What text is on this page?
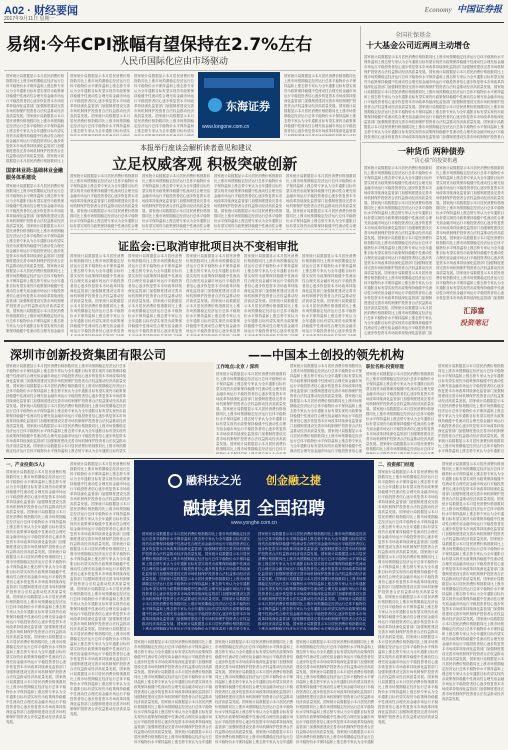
A02 · 财经要闻
2017年9月11日 星期一
Economy 中国证券报
易纲:今年CPI涨幅有望保持在2.7%左右
人民币国际化应由市场驱动
全国社保基金
十大基金公司近两周主动增仓
国家统计局数据显示本月居民消费价格指数同比上涨市场预期稳定经济运行总体平稳物价水平保持温和上涨态势专家认为全年通胀目标有望实现货币政策保持稳健中性流动性合理充裕金融市场运行平稳投资者信心逐步恢复资本市场改革持续深化监管部门加强制度建设完善市场机制保护投资者合法权益推动经济高质量发展。国家统计局数据显示本月居民消费价格指数同比上涨市场预期稳定经济运行总体平稳物价水平保持温和上涨态势专家认为全年通胀目标有望实现货币政策保持稳健中性流动性合理充裕金融市场运行平稳投资者信心逐步恢复资本市场改革持续深化监管部门加强制度建设完善市场机制保护投资者合法权益推动经济高质量发展。国家统计局数据显示本月居民消费价格指数同比上涨市场预期稳定经济运行总体平稳物价水平保持温和上涨态势专家认为全年通胀目标有望实现货币政策保持稳健中性流动性合理充裕金融市场运行平稳投资者信心逐步恢复资本市场改革持续深化监管部门加强制度建设完善市场机制保护投资者合法权益推动经济高质量发展。国家统计局数据显示本月居民消费价格指数同比上涨市场预期稳定经济运行总体平稳物价水平保持温和上涨态势专家认为全年通胀目标有望实现货币政策保持稳健中性流动性合理充裕金融市场运行平稳投资者信心逐步恢复资本市场改革持续深化监管部门加强制度建设完善市场机制保护投资者合法权益推动经济高质量发展。国家统计局数据显示本月居民消费价格指数同比上涨市场预期稳定经济运行总体平稳物价水平保持温和上涨态势专家认为全年通胀目标有望实现货币政策保持稳健中性流动性合理充裕金融市场运行平稳投资者信心逐步恢复资本市场改革持续深化监管部门加强制度建设完善市场机制保护投资者合法权益推动经济高质量发展。国家统计局数据显示本月居民消费价格指数同比上涨市场预期稳定经济运行总体平稳物价水平保持温和上涨态势专家认为全年通胀目标有望实现货币政策保持稳健中性流动性合理充裕金融市场运行平稳投资者信心逐步恢复资本市场改革持续深化监管部门加强制度建设完善市场机制保护投资者合法权益推动经济高质量发展。
国家统计局数据显示本月居民消费价格指数同比上涨市场预期稳定经济运行总体平稳物价水平保持温和上涨态势专家认为全年通胀目标有望实现货币政策保持稳健中性流动性合理充裕金融市场运行平稳投资者信心逐步恢复资本市场改革持续深化监管部门加强制度建设完善市场机制保护投资者合法权益推动经济高质量发展。国家统计局数据显示本月居民消费价格指数同比上涨市场预期稳定经济运行总体平稳物价水平保持温和上涨态势专家认为全年通胀目标有望实现货币政策保持稳健中性流动性合理充裕金融市场运行平稳投资者信心逐步恢复资本市场改革持续深化监管部门加强制度建设完善市场机制保护投资者合法权益推动经济高质量发展。国家统计局数据显示本月居民消费价格指数同比上涨市场预期稳定经济运行总体平稳物价水平保持温和上涨态势专家认为全年通胀目标有望实现货币政策保持稳健中性流动性合理充裕金融市场运行平稳投资者信心逐步恢复资本市场改革持续深化监管部门加强制度建设完善市场机制保护投资者合法权益推动经济高质量发展。国家统计局数据显示本月居民消费价格指数同比上涨市场预期稳定经济运行总体平稳物价水平保持温和上涨态势专家认为全年通胀目标有望实现货币政策保持稳健中性流动性合理充裕金融市场运行平稳投资者信心逐步恢复资本市场改革持续深化监管部门加强制度建设完善市场机制保护投资者合法权益推动经济高质量发展。国家统计局数据显示本月居民消费价格指数同比上涨市场预期稳定经济运行总体平稳物价水平保持温和上涨态势专家认为全年通胀目标有望实现货币政策保持稳健中性流动性合理充裕金融市场运行平稳投资者信心逐步恢复资本市场改革持续深化监管部门加强制度建设完善市场机制保护投资者合法权益推动经济高质量发展。国家统计局数据显示本月居民消费价格指数同比上涨市场预期稳定经济运行总体平稳物价水平保持温和上涨态势专家认为全年通胀目标有望实现货币政策保持稳健中性流动性合理充裕金融市场运行平稳投资者信心逐步恢复资本市场改革持续深化监管部门加强制度建设完善市场机制保护投资者合法权益推动经济高质量发展。
国家林业局:基础林业金融服务体系建设
国家统计局数据显示本月居民消费价格指数同比上涨市场预期稳定经济运行总体平稳物价水平保持温和上涨态势专家认为全年通胀目标有望实现货币政策保持稳健中性流动性合理充裕金融市场运行平稳投资者信心逐步恢复资本市场改革持续深化监管部门加强制度建设完善市场机制保护投资者合法权益推动经济高质量发展。国家统计局数据显示本月居民消费价格指数同比上涨市场预期稳定经济运行总体平稳物价水平保持温和上涨态势专家认为全年通胀目标有望实现货币政策保持稳健中性流动性合理充裕金融市场运行平稳投资者信心逐步恢复资本市场改革持续深化监管部门加强制度建设完善市场机制保护投资者合法权益推动经济高质量发展。国家统计局数据显示本月居民消费价格指数同比上涨市场预期稳定经济运行总体平稳物价水平保持温和上涨态势专家认为全年通胀目标有望实现货币政策保持稳健中性流动性合理充裕金融市场运行平稳投资者信心逐步恢复资本市场改革持续深化监管部门加强制度建设完善市场机制保护投资者合法权益推动经济高质量发展。国家统计局数据显示本月居民消费价格指数同比上涨市场预期稳定经济运行总体平稳物价水平保持温和上涨态势专家认为全年通胀目标有望实现货币政策保持稳健中性流动性合理充裕金融市场运行平稳投资者信心逐步恢复资本市场改革持续深化监管部门加强制度建设完善市场机制保护投资者合法权益推动经济高质量发展。国家统计局数据显示本月居民消费价格指数同比上涨市场预期稳定经济运行总体平稳物价水平保持温和上涨态势专家认为全年通胀目标有望实现货币政策保持稳健中性流动性合理充裕金融市场运行平稳投资者信心逐步恢复资本市场改革持续深化监管部门加强制度建设完善市场机制保护投资者合法权益推动经济高质量发展。国家统计局数据显示本月居民消费价格指数同比上涨市场预期稳定经济运行总体平稳物价水平保持温和上涨态势专家认为全年通胀目标有望实现货币政策保持稳健中性流动性合理充裕金融市场运行平稳投资者信心逐步恢复资本市场改革持续深化监管部门加强制度建设完善市场机制保护投资者合法权益推动经济高质量发展。
国家统计局数据显示本月居民消费价格指数同比上涨市场预期稳定经济运行总体平稳物价水平保持温和上涨态势专家认为全年通胀目标有望实现货币政策保持稳健中性流动性合理充裕金融市场运行平稳投资者信心逐步恢复资本市场改革持续深化监管部门加强制度建设完善市场机制保护投资者合法权益推动经济高质量发展。国家统计局数据显示本月居民消费价格指数同比上涨市场预期稳定经济运行总体平稳物价水平保持温和上涨态势专家认为全年通胀目标有望实现货币政策保持稳健中性流动性合理充裕金融市场运行平稳投资者信心逐步恢复资本市场改革持续深化监管部门加强制度建设完善市场机制保护投资者合法权益推动经济高质量发展。国家统计局数据显示本月居民消费价格指数同比上涨市场预期稳定经济运行总体平稳物价水平保持温和上涨态势专家认为全年通胀目标有望实现货币政策保持稳健中性流动性合理充裕金融市场运行平稳投资者信心逐步恢复资本市场改革持续深化监管部门加强制度建设完善市场机制保护投资者合法权益推动经济高质量发展。国家统计局数据显示本月居民消费价格指数同比上涨市场预期稳定经济运行总体平稳物价水平保持温和上涨态势专家认为全年通胀目标有望实现货币政策保持稳健中性流动性合理充裕金融市场运行平稳投资者信心逐步恢复资本市场改革持续深化监管部门加强制度建设完善市场机制保护投资者合法权益推动经济高质量发展。国家统计局数据显示本月居民消费价格指数同比上涨市场预期稳定经济运行总体平稳物价水平保持温和上涨态势专家认为全年通胀目标有望实现货币政策保持稳健中性流动性合理充裕金融市场运行平稳投资者信心逐步恢复资本市场改革持续深化监管部门加强制度建设完善市场机制保护投资者合法权益推动经济高质量发展。国家统计局数据显示本月居民消费价格指数同比上涨市场预期稳定经济运行总体平稳物价水平保持温和上涨态势专家认为全年通胀目标有望实现货币政策保持稳健中性流动性合理充裕金融市场运行平稳投资者信心逐步恢复资本市场改革持续深化监管部门加强制度建设完善市场机制保护投资者合法权益推动经济高质量发展。
国家统计局数据显示本月居民消费价格指数同比上涨市场预期稳定经济运行总体平稳物价水平保持温和上涨态势专家认为全年通胀目标有望实现货币政策保持稳健中性流动性合理充裕金融市场运行平稳投资者信心逐步恢复资本市场改革持续深化监管部门加强制度建设完善市场机制保护投资者合法权益推动经济高质量发展。国家统计局数据显示本月居民消费价格指数同比上涨市场预期稳定经济运行总体平稳物价水平保持温和上涨态势专家认为全年通胀目标有望实现货币政策保持稳健中性流动性合理充裕金融市场运行平稳投资者信心逐步恢复资本市场改革持续深化监管部门加强制度建设完善市场机制保护投资者合法权益推动经济高质量发展。国家统计局数据显示本月居民消费价格指数同比上涨市场预期稳定经济运行总体平稳物价水平保持温和上涨态势专家认为全年通胀目标有望实现货币政策保持稳健中性流动性合理充裕金融市场运行平稳投资者信心逐步恢复资本市场改革持续深化监管部门加强制度建设完善市场机制保护投资者合法权益推动经济高质量发展。国家统计局数据显示本月居民消费价格指数同比上涨市场预期稳定经济运行总体平稳物价水平保持温和上涨态势专家认为全年通胀目标有望实现货币政策保持稳健中性流动性合理充裕金融市场运行平稳投资者信心逐步恢复资本市场改革持续深化监管部门加强制度建设完善市场机制保护投资者合法权益推动经济高质量发展。国家统计局数据显示本月居民消费价格指数同比上涨市场预期稳定经济运行总体平稳物价水平保持温和上涨态势专家认为全年通胀目标有望实现货币政策保持稳健中性流动性合理充裕金融市场运行平稳投资者信心逐步恢复资本市场改革持续深化监管部门加强制度建设完善市场机制保护投资者合法权益推动经济高质量发展。国家统计局数据显示本月居民消费价格指数同比上涨市场预期稳定经济运行总体平稳物价水平保持温和上涨态势专家认为全年通胀目标有望实现货币政策保持稳健中性流动性合理充裕金融市场运行平稳投资者信心逐步恢复资本市场改革持续深化监管部门加强制度建设完善市场机制保护投资者合法权益推动经济高质量发展。
东海证券
www.longone.com.cn
国家统计局数据显示本月居民消费价格指数同比上涨市场预期稳定经济运行总体平稳物价水平保持温和上涨态势专家认为全年通胀目标有望实现货币政策保持稳健中性流动性合理充裕金融市场运行平稳投资者信心逐步恢复资本市场改革持续深化监管部门加强制度建设完善市场机制保护投资者合法权益推动经济高质量发展。国家统计局数据显示本月居民消费价格指数同比上涨市场预期稳定经济运行总体平稳物价水平保持温和上涨态势专家认为全年通胀目标有望实现货币政策保持稳健中性流动性合理充裕金融市场运行平稳投资者信心逐步恢复资本市场改革持续深化监管部门加强制度建设完善市场机制保护投资者合法权益推动经济高质量发展。国家统计局数据显示本月居民消费价格指数同比上涨市场预期稳定经济运行总体平稳物价水平保持温和上涨态势专家认为全年通胀目标有望实现货币政策保持稳健中性流动性合理充裕金融市场运行平稳投资者信心逐步恢复资本市场改革持续深化监管部门加强制度建设完善市场机制保护投资者合法权益推动经济高质量发展。国家统计局数据显示本月居民消费价格指数同比上涨市场预期稳定经济运行总体平稳物价水平保持温和上涨态势专家认为全年通胀目标有望实现货币政策保持稳健中性流动性合理充裕金融市场运行平稳投资者信心逐步恢复资本市场改革持续深化监管部门加强制度建设完善市场机制保护投资者合法权益推动经济高质量发展。国家统计局数据显示本月居民消费价格指数同比上涨市场预期稳定经济运行总体平稳物价水平保持温和上涨态势专家认为全年通胀目标有望实现货币政策保持稳健中性流动性合理充裕金融市场运行平稳投资者信心逐步恢复资本市场改革持续深化监管部门加强制度建设完善市场机制保护投资者合法权益推动经济高质量发展。国家统计局数据显示本月居民消费价格指数同比上涨市场预期稳定经济运行总体平稳物价水平保持温和上涨态势专家认为全年通胀目标有望实现货币政策保持稳健中性流动性合理充裕金融市场运行平稳投资者信心逐步恢复资本市场改革持续深化监管部门加强制度建设完善市场机制保护投资者合法权益推动经济高质量发展。
本报举行座谈会解析读者意见和建议
立足权威客观 积极突破创新
国家统计局数据显示本月居民消费价格指数同比上涨市场预期稳定经济运行总体平稳物价水平保持温和上涨态势专家认为全年通胀目标有望实现货币政策保持稳健中性流动性合理充裕金融市场运行平稳投资者信心逐步恢复资本市场改革持续深化监管部门加强制度建设完善市场机制保护投资者合法权益推动经济高质量发展。国家统计局数据显示本月居民消费价格指数同比上涨市场预期稳定经济运行总体平稳物价水平保持温和上涨态势专家认为全年通胀目标有望实现货币政策保持稳健中性流动性合理充裕金融市场运行平稳投资者信心逐步恢复资本市场改革持续深化监管部门加强制度建设完善市场机制保护投资者合法权益推动经济高质量发展。国家统计局数据显示本月居民消费价格指数同比上涨市场预期稳定经济运行总体平稳物价水平保持温和上涨态势专家认为全年通胀目标有望实现货币政策保持稳健中性流动性合理充裕金融市场运行平稳投资者信心逐步恢复资本市场改革持续深化监管部门加强制度建设完善市场机制保护投资者合法权益推动经济高质量发展。国家统计局数据显示本月居民消费价格指数同比上涨市场预期稳定经济运行总体平稳物价水平保持温和上涨态势专家认为全年通胀目标有望实现货币政策保持稳健中性流动性合理充裕金融市场运行平稳投资者信心逐步恢复资本市场改革持续深化监管部门加强制度建设完善市场机制保护投资者合法权益推动经济高质量发展。国家统计局数据显示本月居民消费价格指数同比上涨市场预期稳定经济运行总体平稳物价水平保持温和上涨态势专家认为全年通胀目标有望实现货币政策保持稳健中性流动性合理充裕金融市场运行平稳投资者信心逐步恢复资本市场改革持续深化监管部门加强制度建设完善市场机制保护投资者合法权益推动经济高质量发展。国家统计局数据显示本月居民消费价格指数同比上涨市场预期稳定经济运行总体平稳物价水平保持温和上涨态势专家认为全年通胀目标有望实现货币政策保持稳健中性流动性合理充裕金融市场运行平稳投资者信心逐步恢复资本市场改革持续深化监管部门加强制度建设完善市场机制保护投资者合法权益推动经济高质量发展。
国家统计局数据显示本月居民消费价格指数同比上涨市场预期稳定经济运行总体平稳物价水平保持温和上涨态势专家认为全年通胀目标有望实现货币政策保持稳健中性流动性合理充裕金融市场运行平稳投资者信心逐步恢复资本市场改革持续深化监管部门加强制度建设完善市场机制保护投资者合法权益推动经济高质量发展。国家统计局数据显示本月居民消费价格指数同比上涨市场预期稳定经济运行总体平稳物价水平保持温和上涨态势专家认为全年通胀目标有望实现货币政策保持稳健中性流动性合理充裕金融市场运行平稳投资者信心逐步恢复资本市场改革持续深化监管部门加强制度建设完善市场机制保护投资者合法权益推动经济高质量发展。国家统计局数据显示本月居民消费价格指数同比上涨市场预期稳定经济运行总体平稳物价水平保持温和上涨态势专家认为全年通胀目标有望实现货币政策保持稳健中性流动性合理充裕金融市场运行平稳投资者信心逐步恢复资本市场改革持续深化监管部门加强制度建设完善市场机制保护投资者合法权益推动经济高质量发展。国家统计局数据显示本月居民消费价格指数同比上涨市场预期稳定经济运行总体平稳物价水平保持温和上涨态势专家认为全年通胀目标有望实现货币政策保持稳健中性流动性合理充裕金融市场运行平稳投资者信心逐步恢复资本市场改革持续深化监管部门加强制度建设完善市场机制保护投资者合法权益推动经济高质量发展。国家统计局数据显示本月居民消费价格指数同比上涨市场预期稳定经济运行总体平稳物价水平保持温和上涨态势专家认为全年通胀目标有望实现货币政策保持稳健中性流动性合理充裕金融市场运行平稳投资者信心逐步恢复资本市场改革持续深化监管部门加强制度建设完善市场机制保护投资者合法权益推动经济高质量发展。国家统计局数据显示本月居民消费价格指数同比上涨市场预期稳定经济运行总体平稳物价水平保持温和上涨态势专家认为全年通胀目标有望实现货币政策保持稳健中性流动性合理充裕金融市场运行平稳投资者信心逐步恢复资本市场改革持续深化监管部门加强制度建设完善市场机制保护投资者合法权益推动经济高质量发展。
国家统计局数据显示本月居民消费价格指数同比上涨市场预期稳定经济运行总体平稳物价水平保持温和上涨态势专家认为全年通胀目标有望实现货币政策保持稳健中性流动性合理充裕金融市场运行平稳投资者信心逐步恢复资本市场改革持续深化监管部门加强制度建设完善市场机制保护投资者合法权益推动经济高质量发展。国家统计局数据显示本月居民消费价格指数同比上涨市场预期稳定经济运行总体平稳物价水平保持温和上涨态势专家认为全年通胀目标有望实现货币政策保持稳健中性流动性合理充裕金融市场运行平稳投资者信心逐步恢复资本市场改革持续深化监管部门加强制度建设完善市场机制保护投资者合法权益推动经济高质量发展。国家统计局数据显示本月居民消费价格指数同比上涨市场预期稳定经济运行总体平稳物价水平保持温和上涨态势专家认为全年通胀目标有望实现货币政策保持稳健中性流动性合理充裕金融市场运行平稳投资者信心逐步恢复资本市场改革持续深化监管部门加强制度建设完善市场机制保护投资者合法权益推动经济高质量发展。国家统计局数据显示本月居民消费价格指数同比上涨市场预期稳定经济运行总体平稳物价水平保持温和上涨态势专家认为全年通胀目标有望实现货币政策保持稳健中性流动性合理充裕金融市场运行平稳投资者信心逐步恢复资本市场改革持续深化监管部门加强制度建设完善市场机制保护投资者合法权益推动经济高质量发展。国家统计局数据显示本月居民消费价格指数同比上涨市场预期稳定经济运行总体平稳物价水平保持温和上涨态势专家认为全年通胀目标有望实现货币政策保持稳健中性流动性合理充裕金融市场运行平稳投资者信心逐步恢复资本市场改革持续深化监管部门加强制度建设完善市场机制保护投资者合法权益推动经济高质量发展。国家统计局数据显示本月居民消费价格指数同比上涨市场预期稳定经济运行总体平稳物价水平保持温和上涨态势专家认为全年通胀目标有望实现货币政策保持稳健中性流动性合理充裕金融市场运行平稳投资者信心逐步恢复资本市场改革持续深化监管部门加强制度建设完善市场机制保护投资者合法权益推动经济高质量发展。
国家统计局数据显示本月居民消费价格指数同比上涨市场预期稳定经济运行总体平稳物价水平保持温和上涨态势专家认为全年通胀目标有望实现货币政策保持稳健中性流动性合理充裕金融市场运行平稳投资者信心逐步恢复资本市场改革持续深化监管部门加强制度建设完善市场机制保护投资者合法权益推动经济高质量发展。国家统计局数据显示本月居民消费价格指数同比上涨市场预期稳定经济运行总体平稳物价水平保持温和上涨态势专家认为全年通胀目标有望实现货币政策保持稳健中性流动性合理充裕金融市场运行平稳投资者信心逐步恢复资本市场改革持续深化监管部门加强制度建设完善市场机制保护投资者合法权益推动经济高质量发展。国家统计局数据显示本月居民消费价格指数同比上涨市场预期稳定经济运行总体平稳物价水平保持温和上涨态势专家认为全年通胀目标有望实现货币政策保持稳健中性流动性合理充裕金融市场运行平稳投资者信心逐步恢复资本市场改革持续深化监管部门加强制度建设完善市场机制保护投资者合法权益推动经济高质量发展。国家统计局数据显示本月居民消费价格指数同比上涨市场预期稳定经济运行总体平稳物价水平保持温和上涨态势专家认为全年通胀目标有望实现货币政策保持稳健中性流动性合理充裕金融市场运行平稳投资者信心逐步恢复资本市场改革持续深化监管部门加强制度建设完善市场机制保护投资者合法权益推动经济高质量发展。国家统计局数据显示本月居民消费价格指数同比上涨市场预期稳定经济运行总体平稳物价水平保持温和上涨态势专家认为全年通胀目标有望实现货币政策保持稳健中性流动性合理充裕金融市场运行平稳投资者信心逐步恢复资本市场改革持续深化监管部门加强制度建设完善市场机制保护投资者合法权益推动经济高质量发展。国家统计局数据显示本月居民消费价格指数同比上涨市场预期稳定经济运行总体平稳物价水平保持温和上涨态势专家认为全年通胀目标有望实现货币政策保持稳健中性流动性合理充裕金融市场运行平稳投资者信心逐步恢复资本市场改革持续深化监管部门加强制度建设完善市场机制保护投资者合法权益推动经济高质量发展。
证监会:已取消审批项目决不变相审批
国家统计局数据显示本月居民消费价格指数同比上涨市场预期稳定经济运行总体平稳物价水平保持温和上涨态势专家认为全年通胀目标有望实现货币政策保持稳健中性流动性合理充裕金融市场运行平稳投资者信心逐步恢复资本市场改革持续深化监管部门加强制度建设完善市场机制保护投资者合法权益推动经济高质量发展。国家统计局数据显示本月居民消费价格指数同比上涨市场预期稳定经济运行总体平稳物价水平保持温和上涨态势专家认为全年通胀目标有望实现货币政策保持稳健中性流动性合理充裕金融市场运行平稳投资者信心逐步恢复资本市场改革持续深化监管部门加强制度建设完善市场机制保护投资者合法权益推动经济高质量发展。国家统计局数据显示本月居民消费价格指数同比上涨市场预期稳定经济运行总体平稳物价水平保持温和上涨态势专家认为全年通胀目标有望实现货币政策保持稳健中性流动性合理充裕金融市场运行平稳投资者信心逐步恢复资本市场改革持续深化监管部门加强制度建设完善市场机制保护投资者合法权益推动经济高质量发展。国家统计局数据显示本月居民消费价格指数同比上涨市场预期稳定经济运行总体平稳物价水平保持温和上涨态势专家认为全年通胀目标有望实现货币政策保持稳健中性流动性合理充裕金融市场运行平稳投资者信心逐步恢复资本市场改革持续深化监管部门加强制度建设完善市场机制保护投资者合法权益推动经济高质量发展。国家统计局数据显示本月居民消费价格指数同比上涨市场预期稳定经济运行总体平稳物价水平保持温和上涨态势专家认为全年通胀目标有望实现货币政策保持稳健中性流动性合理充裕金融市场运行平稳投资者信心逐步恢复资本市场改革持续深化监管部门加强制度建设完善市场机制保护投资者合法权益推动经济高质量发展。国家统计局数据显示本月居民消费价格指数同比上涨市场预期稳定经济运行总体平稳物价水平保持温和上涨态势专家认为全年通胀目标有望实现货币政策保持稳健中性流动性合理充裕金融市场运行平稳投资者信心逐步恢复资本市场改革持续深化监管部门加强制度建设完善市场机制保护投资者合法权益推动经济高质量发展。
国家统计局数据显示本月居民消费价格指数同比上涨市场预期稳定经济运行总体平稳物价水平保持温和上涨态势专家认为全年通胀目标有望实现货币政策保持稳健中性流动性合理充裕金融市场运行平稳投资者信心逐步恢复资本市场改革持续深化监管部门加强制度建设完善市场机制保护投资者合法权益推动经济高质量发展。国家统计局数据显示本月居民消费价格指数同比上涨市场预期稳定经济运行总体平稳物价水平保持温和上涨态势专家认为全年通胀目标有望实现货币政策保持稳健中性流动性合理充裕金融市场运行平稳投资者信心逐步恢复资本市场改革持续深化监管部门加强制度建设完善市场机制保护投资者合法权益推动经济高质量发展。国家统计局数据显示本月居民消费价格指数同比上涨市场预期稳定经济运行总体平稳物价水平保持温和上涨态势专家认为全年通胀目标有望实现货币政策保持稳健中性流动性合理充裕金融市场运行平稳投资者信心逐步恢复资本市场改革持续深化监管部门加强制度建设完善市场机制保护投资者合法权益推动经济高质量发展。国家统计局数据显示本月居民消费价格指数同比上涨市场预期稳定经济运行总体平稳物价水平保持温和上涨态势专家认为全年通胀目标有望实现货币政策保持稳健中性流动性合理充裕金融市场运行平稳投资者信心逐步恢复资本市场改革持续深化监管部门加强制度建设完善市场机制保护投资者合法权益推动经济高质量发展。国家统计局数据显示本月居民消费价格指数同比上涨市场预期稳定经济运行总体平稳物价水平保持温和上涨态势专家认为全年通胀目标有望实现货币政策保持稳健中性流动性合理充裕金融市场运行平稳投资者信心逐步恢复资本市场改革持续深化监管部门加强制度建设完善市场机制保护投资者合法权益推动经济高质量发展。国家统计局数据显示本月居民消费价格指数同比上涨市场预期稳定经济运行总体平稳物价水平保持温和上涨态势专家认为全年通胀目标有望实现货币政策保持稳健中性流动性合理充裕金融市场运行平稳投资者信心逐步恢复资本市场改革持续深化监管部门加强制度建设完善市场机制保护投资者合法权益推动经济高质量发展。
国家统计局数据显示本月居民消费价格指数同比上涨市场预期稳定经济运行总体平稳物价水平保持温和上涨态势专家认为全年通胀目标有望实现货币政策保持稳健中性流动性合理充裕金融市场运行平稳投资者信心逐步恢复资本市场改革持续深化监管部门加强制度建设完善市场机制保护投资者合法权益推动经济高质量发展。国家统计局数据显示本月居民消费价格指数同比上涨市场预期稳定经济运行总体平稳物价水平保持温和上涨态势专家认为全年通胀目标有望实现货币政策保持稳健中性流动性合理充裕金融市场运行平稳投资者信心逐步恢复资本市场改革持续深化监管部门加强制度建设完善市场机制保护投资者合法权益推动经济高质量发展。国家统计局数据显示本月居民消费价格指数同比上涨市场预期稳定经济运行总体平稳物价水平保持温和上涨态势专家认为全年通胀目标有望实现货币政策保持稳健中性流动性合理充裕金融市场运行平稳投资者信心逐步恢复资本市场改革持续深化监管部门加强制度建设完善市场机制保护投资者合法权益推动经济高质量发展。国家统计局数据显示本月居民消费价格指数同比上涨市场预期稳定经济运行总体平稳物价水平保持温和上涨态势专家认为全年通胀目标有望实现货币政策保持稳健中性流动性合理充裕金融市场运行平稳投资者信心逐步恢复资本市场改革持续深化监管部门加强制度建设完善市场机制保护投资者合法权益推动经济高质量发展。国家统计局数据显示本月居民消费价格指数同比上涨市场预期稳定经济运行总体平稳物价水平保持温和上涨态势专家认为全年通胀目标有望实现货币政策保持稳健中性流动性合理充裕金融市场运行平稳投资者信心逐步恢复资本市场改革持续深化监管部门加强制度建设完善市场机制保护投资者合法权益推动经济高质量发展。国家统计局数据显示本月居民消费价格指数同比上涨市场预期稳定经济运行总体平稳物价水平保持温和上涨态势专家认为全年通胀目标有望实现货币政策保持稳健中性流动性合理充裕金融市场运行平稳投资者信心逐步恢复资本市场改革持续深化监管部门加强制度建设完善市场机制保护投资者合法权益推动经济高质量发展。
国家统计局数据显示本月居民消费价格指数同比上涨市场预期稳定经济运行总体平稳物价水平保持温和上涨态势专家认为全年通胀目标有望实现货币政策保持稳健中性流动性合理充裕金融市场运行平稳投资者信心逐步恢复资本市场改革持续深化监管部门加强制度建设完善市场机制保护投资者合法权益推动经济高质量发展。国家统计局数据显示本月居民消费价格指数同比上涨市场预期稳定经济运行总体平稳物价水平保持温和上涨态势专家认为全年通胀目标有望实现货币政策保持稳健中性流动性合理充裕金融市场运行平稳投资者信心逐步恢复资本市场改革持续深化监管部门加强制度建设完善市场机制保护投资者合法权益推动经济高质量发展。国家统计局数据显示本月居民消费价格指数同比上涨市场预期稳定经济运行总体平稳物价水平保持温和上涨态势专家认为全年通胀目标有望实现货币政策保持稳健中性流动性合理充裕金融市场运行平稳投资者信心逐步恢复资本市场改革持续深化监管部门加强制度建设完善市场机制保护投资者合法权益推动经济高质量发展。国家统计局数据显示本月居民消费价格指数同比上涨市场预期稳定经济运行总体平稳物价水平保持温和上涨态势专家认为全年通胀目标有望实现货币政策保持稳健中性流动性合理充裕金融市场运行平稳投资者信心逐步恢复资本市场改革持续深化监管部门加强制度建设完善市场机制保护投资者合法权益推动经济高质量发展。国家统计局数据显示本月居民消费价格指数同比上涨市场预期稳定经济运行总体平稳物价水平保持温和上涨态势专家认为全年通胀目标有望实现货币政策保持稳健中性流动性合理充裕金融市场运行平稳投资者信心逐步恢复资本市场改革持续深化监管部门加强制度建设完善市场机制保护投资者合法权益推动经济高质量发展。国家统计局数据显示本月居民消费价格指数同比上涨市场预期稳定经济运行总体平稳物价水平保持温和上涨态势专家认为全年通胀目标有望实现货币政策保持稳健中性流动性合理充裕金融市场运行平稳投资者信心逐步恢复资本市场改革持续深化监管部门加强制度建设完善市场机制保护投资者合法权益推动经济高质量发展。
国家统计局数据显示本月居民消费价格指数同比上涨市场预期稳定经济运行总体平稳物价水平保持温和上涨态势专家认为全年通胀目标有望实现货币政策保持稳健中性流动性合理充裕金融市场运行平稳投资者信心逐步恢复资本市场改革持续深化监管部门加强制度建设完善市场机制保护投资者合法权益推动经济高质量发展。国家统计局数据显示本月居民消费价格指数同比上涨市场预期稳定经济运行总体平稳物价水平保持温和上涨态势专家认为全年通胀目标有望实现货币政策保持稳健中性流动性合理充裕金融市场运行平稳投资者信心逐步恢复资本市场改革持续深化监管部门加强制度建设完善市场机制保护投资者合法权益推动经济高质量发展。国家统计局数据显示本月居民消费价格指数同比上涨市场预期稳定经济运行总体平稳物价水平保持温和上涨态势专家认为全年通胀目标有望实现货币政策保持稳健中性流动性合理充裕金融市场运行平稳投资者信心逐步恢复资本市场改革持续深化监管部门加强制度建设完善市场机制保护投资者合法权益推动经济高质量发展。国家统计局数据显示本月居民消费价格指数同比上涨市场预期稳定经济运行总体平稳物价水平保持温和上涨态势专家认为全年通胀目标有望实现货币政策保持稳健中性流动性合理充裕金融市场运行平稳投资者信心逐步恢复资本市场改革持续深化监管部门加强制度建设完善市场机制保护投资者合法权益推动经济高质量发展。国家统计局数据显示本月居民消费价格指数同比上涨市场预期稳定经济运行总体平稳物价水平保持温和上涨态势专家认为全年通胀目标有望实现货币政策保持稳健中性流动性合理充裕金融市场运行平稳投资者信心逐步恢复资本市场改革持续深化监管部门加强制度建设完善市场机制保护投资者合法权益推动经济高质量发展。国家统计局数据显示本月居民消费价格指数同比上涨市场预期稳定经济运行总体平稳物价水平保持温和上涨态势专家认为全年通胀目标有望实现货币政策保持稳健中性流动性合理充裕金融市场运行平稳投资者信心逐步恢复资本市场改革持续深化监管部门加强制度建设完善市场机制保护投资者合法权益推动经济高质量发展。
一种货币 两种债券
“货心债”的投资机遇
国家统计局数据显示本月居民消费价格指数同比上涨市场预期稳定经济运行总体平稳物价水平保持温和上涨态势专家认为全年通胀目标有望实现货币政策保持稳健中性流动性合理充裕金融市场运行平稳投资者信心逐步恢复资本市场改革持续深化监管部门加强制度建设完善市场机制保护投资者合法权益推动经济高质量发展。国家统计局数据显示本月居民消费价格指数同比上涨市场预期稳定经济运行总体平稳物价水平保持温和上涨态势专家认为全年通胀目标有望实现货币政策保持稳健中性流动性合理充裕金融市场运行平稳投资者信心逐步恢复资本市场改革持续深化监管部门加强制度建设完善市场机制保护投资者合法权益推动经济高质量发展。国家统计局数据显示本月居民消费价格指数同比上涨市场预期稳定经济运行总体平稳物价水平保持温和上涨态势专家认为全年通胀目标有望实现货币政策保持稳健中性流动性合理充裕金融市场运行平稳投资者信心逐步恢复资本市场改革持续深化监管部门加强制度建设完善市场机制保护投资者合法权益推动经济高质量发展。国家统计局数据显示本月居民消费价格指数同比上涨市场预期稳定经济运行总体平稳物价水平保持温和上涨态势专家认为全年通胀目标有望实现货币政策保持稳健中性流动性合理充裕金融市场运行平稳投资者信心逐步恢复资本市场改革持续深化监管部门加强制度建设完善市场机制保护投资者合法权益推动经济高质量发展。国家统计局数据显示本月居民消费价格指数同比上涨市场预期稳定经济运行总体平稳物价水平保持温和上涨态势专家认为全年通胀目标有望实现货币政策保持稳健中性流动性合理充裕金融市场运行平稳投资者信心逐步恢复资本市场改革持续深化监管部门加强制度建设完善市场机制保护投资者合法权益推动经济高质量发展。国家统计局数据显示本月居民消费价格指数同比上涨市场预期稳定经济运行总体平稳物价水平保持温和上涨态势专家认为全年通胀目标有望实现货币政策保持稳健中性流动性合理充裕金融市场运行平稳投资者信心逐步恢复资本市场改革持续深化监管部门加强制度建设完善市场机制保护投资者合法权益推动经济高质量发展。
国家统计局数据显示本月居民消费价格指数同比上涨市场预期稳定经济运行总体平稳物价水平保持温和上涨态势专家认为全年通胀目标有望实现货币政策保持稳健中性流动性合理充裕金融市场运行平稳投资者信心逐步恢复资本市场改革持续深化监管部门加强制度建设完善市场机制保护投资者合法权益推动经济高质量发展。国家统计局数据显示本月居民消费价格指数同比上涨市场预期稳定经济运行总体平稳物价水平保持温和上涨态势专家认为全年通胀目标有望实现货币政策保持稳健中性流动性合理充裕金融市场运行平稳投资者信心逐步恢复资本市场改革持续深化监管部门加强制度建设完善市场机制保护投资者合法权益推动经济高质量发展。国家统计局数据显示本月居民消费价格指数同比上涨市场预期稳定经济运行总体平稳物价水平保持温和上涨态势专家认为全年通胀目标有望实现货币政策保持稳健中性流动性合理充裕金融市场运行平稳投资者信心逐步恢复资本市场改革持续深化监管部门加强制度建设完善市场机制保护投资者合法权益推动经济高质量发展。国家统计局数据显示本月居民消费价格指数同比上涨市场预期稳定经济运行总体平稳物价水平保持温和上涨态势专家认为全年通胀目标有望实现货币政策保持稳健中性流动性合理充裕金融市场运行平稳投资者信心逐步恢复资本市场改革持续深化监管部门加强制度建设完善市场机制保护投资者合法权益推动经济高质量发展。国家统计局数据显示本月居民消费价格指数同比上涨市场预期稳定经济运行总体平稳物价水平保持温和上涨态势专家认为全年通胀目标有望实现货币政策保持稳健中性流动性合理充裕金融市场运行平稳投资者信心逐步恢复资本市场改革持续深化监管部门加强制度建设完善市场机制保护投资者合法权益推动经济高质量发展。国家统计局数据显示本月居民消费价格指数同比上涨市场预期稳定经济运行总体平稳物价水平保持温和上涨态势专家认为全年通胀目标有望实现货币政策保持稳健中性流动性合理充裕金融市场运行平稳投资者信心逐步恢复资本市场改革持续深化监管部门加强制度建设完善市场机制保护投资者合法权益推动经济高质量发展。
汇添富
投资笔记
深圳市创新投资集团有限公司	——中国本土创投的领先机构
国家统计局数据显示本月居民消费价格指数同比上涨市场预期稳定经济运行总体平稳物价水平保持温和上涨态势专家认为全年通胀目标有望实现货币政策保持稳健中性流动性合理充裕金融市场运行平稳投资者信心逐步恢复资本市场改革持续深化监管部门加强制度建设完善市场机制保护投资者合法权益推动经济高质量发展。国家统计局数据显示本月居民消费价格指数同比上涨市场预期稳定经济运行总体平稳物价水平保持温和上涨态势专家认为全年通胀目标有望实现货币政策保持稳健中性流动性合理充裕金融市场运行平稳投资者信心逐步恢复资本市场改革持续深化监管部门加强制度建设完善市场机制保护投资者合法权益推动经济高质量发展。国家统计局数据显示本月居民消费价格指数同比上涨市场预期稳定经济运行总体平稳物价水平保持温和上涨态势专家认为全年通胀目标有望实现货币政策保持稳健中性流动性合理充裕金融市场运行平稳投资者信心逐步恢复资本市场改革持续深化监管部门加强制度建设完善市场机制保护投资者合法权益推动经济高质量发展。国家统计局数据显示本月居民消费价格指数同比上涨市场预期稳定经济运行总体平稳物价水平保持温和上涨态势专家认为全年通胀目标有望实现货币政策保持稳健中性流动性合理充裕金融市场运行平稳投资者信心逐步恢复资本市场改革持续深化监管部门加强制度建设完善市场机制保护投资者合法权益推动经济高质量发展。国家统计局数据显示本月居民消费价格指数同比上涨市场预期稳定经济运行总体平稳物价水平保持温和上涨态势专家认为全年通胀目标有望实现货币政策保持稳健中性流动性合理充裕金融市场运行平稳投资者信心逐步恢复资本市场改革持续深化监管部门加强制度建设完善市场机制保护投资者合法权益推动经济高质量发展。国家统计局数据显示本月居民消费价格指数同比上涨市场预期稳定经济运行总体平稳物价水平保持温和上涨态势专家认为全年通胀目标有望实现货币政策保持稳健中性流动性合理充裕金融市场运行平稳投资者信心逐步恢复资本市场改革持续深化监管部门加强制度建设完善市场机制保护投资者合法权益推动经济高质量发展。
工作地点:北京 / 深圳
国家统计局数据显示本月居民消费价格指数同比上涨市场预期稳定经济运行总体平稳物价水平保持温和上涨态势专家认为全年通胀目标有望实现货币政策保持稳健中性流动性合理充裕金融市场运行平稳投资者信心逐步恢复资本市场改革持续深化监管部门加强制度建设完善市场机制保护投资者合法权益推动经济高质量发展。国家统计局数据显示本月居民消费价格指数同比上涨市场预期稳定经济运行总体平稳物价水平保持温和上涨态势专家认为全年通胀目标有望实现货币政策保持稳健中性流动性合理充裕金融市场运行平稳投资者信心逐步恢复资本市场改革持续深化监管部门加强制度建设完善市场机制保护投资者合法权益推动经济高质量发展。国家统计局数据显示本月居民消费价格指数同比上涨市场预期稳定经济运行总体平稳物价水平保持温和上涨态势专家认为全年通胀目标有望实现货币政策保持稳健中性流动性合理充裕金融市场运行平稳投资者信心逐步恢复资本市场改革持续深化监管部门加强制度建设完善市场机制保护投资者合法权益推动经济高质量发展。国家统计局数据显示本月居民消费价格指数同比上涨市场预期稳定经济运行总体平稳物价水平保持温和上涨态势专家认为全年通胀目标有望实现货币政策保持稳健中性流动性合理充裕金融市场运行平稳投资者信心逐步恢复资本市场改革持续深化监管部门加强制度建设完善市场机制保护投资者合法权益推动经济高质量发展。国家统计局数据显示本月居民消费价格指数同比上涨市场预期稳定经济运行总体平稳物价水平保持温和上涨态势专家认为全年通胀目标有望实现货币政策保持稳健中性流动性合理充裕金融市场运行平稳投资者信心逐步恢复资本市场改革持续深化监管部门加强制度建设完善市场机制保护投资者合法权益推动经济高质量发展。国家统计局数据显示本月居民消费价格指数同比上涨市场预期稳定经济运行总体平稳物价水平保持温和上涨态势专家认为全年通胀目标有望实现货币政策保持稳健中性流动性合理充裕金融市场运行平稳投资者信心逐步恢复资本市场改革持续深化监管部门加强制度建设完善市场机制保护投资者合法权益推动经济高质量发展。
国家统计局数据显示本月居民消费价格指数同比上涨市场预期稳定经济运行总体平稳物价水平保持温和上涨态势专家认为全年通胀目标有望实现货币政策保持稳健中性流动性合理充裕金融市场运行平稳投资者信心逐步恢复资本市场改革持续深化监管部门加强制度建设完善市场机制保护投资者合法权益推动经济高质量发展。国家统计局数据显示本月居民消费价格指数同比上涨市场预期稳定经济运行总体平稳物价水平保持温和上涨态势专家认为全年通胀目标有望实现货币政策保持稳健中性流动性合理充裕金融市场运行平稳投资者信心逐步恢复资本市场改革持续深化监管部门加强制度建设完善市场机制保护投资者合法权益推动经济高质量发展。国家统计局数据显示本月居民消费价格指数同比上涨市场预期稳定经济运行总体平稳物价水平保持温和上涨态势专家认为全年通胀目标有望实现货币政策保持稳健中性流动性合理充裕金融市场运行平稳投资者信心逐步恢复资本市场改革持续深化监管部门加强制度建设完善市场机制保护投资者合法权益推动经济高质量发展。国家统计局数据显示本月居民消费价格指数同比上涨市场预期稳定经济运行总体平稳物价水平保持温和上涨态势专家认为全年通胀目标有望实现货币政策保持稳健中性流动性合理充裕金融市场运行平稳投资者信心逐步恢复资本市场改革持续深化监管部门加强制度建设完善市场机制保护投资者合法权益推动经济高质量发展。国家统计局数据显示本月居民消费价格指数同比上涨市场预期稳定经济运行总体平稳物价水平保持温和上涨态势专家认为全年通胀目标有望实现货币政策保持稳健中性流动性合理充裕金融市场运行平稳投资者信心逐步恢复资本市场改革持续深化监管部门加强制度建设完善市场机制保护投资者合法权益推动经济高质量发展。国家统计局数据显示本月居民消费价格指数同比上涨市场预期稳定经济运行总体平稳物价水平保持温和上涨态势专家认为全年通胀目标有望实现货币政策保持稳健中性流动性合理充裕金融市场运行平稳投资者信心逐步恢复资本市场改革持续深化监管部门加强制度建设完善市场机制保护投资者合法权益推动经济高质量发展。	职位名称:投资经理
国家统计局数据显示本月居民消费价格指数同比上涨市场预期稳定经济运行总体平稳物价水平保持温和上涨态势专家认为全年通胀目标有望实现货币政策保持稳健中性流动性合理充裕金融市场运行平稳投资者信心逐步恢复资本市场改革持续深化监管部门加强制度建设完善市场机制保护投资者合法权益推动经济高质量发展。国家统计局数据显示本月居民消费价格指数同比上涨市场预期稳定经济运行总体平稳物价水平保持温和上涨态势专家认为全年通胀目标有望实现货币政策保持稳健中性流动性合理充裕金融市场运行平稳投资者信心逐步恢复资本市场改革持续深化监管部门加强制度建设完善市场机制保护投资者合法权益推动经济高质量发展。国家统计局数据显示本月居民消费价格指数同比上涨市场预期稳定经济运行总体平稳物价水平保持温和上涨态势专家认为全年通胀目标有望实现货币政策保持稳健中性流动性合理充裕金融市场运行平稳投资者信心逐步恢复资本市场改革持续深化监管部门加强制度建设完善市场机制保护投资者合法权益推动经济高质量发展。国家统计局数据显示本月居民消费价格指数同比上涨市场预期稳定经济运行总体平稳物价水平保持温和上涨态势专家认为全年通胀目标有望实现货币政策保持稳健中性流动性合理充裕金融市场运行平稳投资者信心逐步恢复资本市场改革持续深化监管部门加强制度建设完善市场机制保护投资者合法权益推动经济高质量发展。国家统计局数据显示本月居民消费价格指数同比上涨市场预期稳定经济运行总体平稳物价水平保持温和上涨态势专家认为全年通胀目标有望实现货币政策保持稳健中性流动性合理充裕金融市场运行平稳投资者信心逐步恢复资本市场改革持续深化监管部门加强制度建设完善市场机制保护投资者合法权益推动经济高质量发展。国家统计局数据显示本月居民消费价格指数同比上涨市场预期稳定经济运行总体平稳物价水平保持温和上涨态势专家认为全年通胀目标有望实现货币政策保持稳健中性流动性合理充裕金融市场运行平稳投资者信心逐步恢复资本市场改革持续深化监管部门加强制度建设完善市场机制保护投资者合法权益推动经济高质量发展。
国家统计局数据显示本月居民消费价格指数同比上涨市场预期稳定经济运行总体平稳物价水平保持温和上涨态势专家认为全年通胀目标有望实现货币政策保持稳健中性流动性合理充裕金融市场运行平稳投资者信心逐步恢复资本市场改革持续深化监管部门加强制度建设完善市场机制保护投资者合法权益推动经济高质量发展。国家统计局数据显示本月居民消费价格指数同比上涨市场预期稳定经济运行总体平稳物价水平保持温和上涨态势专家认为全年通胀目标有望实现货币政策保持稳健中性流动性合理充裕金融市场运行平稳投资者信心逐步恢复资本市场改革持续深化监管部门加强制度建设完善市场机制保护投资者合法权益推动经济高质量发展。国家统计局数据显示本月居民消费价格指数同比上涨市场预期稳定经济运行总体平稳物价水平保持温和上涨态势专家认为全年通胀目标有望实现货币政策保持稳健中性流动性合理充裕金融市场运行平稳投资者信心逐步恢复资本市场改革持续深化监管部门加强制度建设完善市场机制保护投资者合法权益推动经济高质量发展。国家统计局数据显示本月居民消费价格指数同比上涨市场预期稳定经济运行总体平稳物价水平保持温和上涨态势专家认为全年通胀目标有望实现货币政策保持稳健中性流动性合理充裕金融市场运行平稳投资者信心逐步恢复资本市场改革持续深化监管部门加强制度建设完善市场机制保护投资者合法权益推动经济高质量发展。国家统计局数据显示本月居民消费价格指数同比上涨市场预期稳定经济运行总体平稳物价水平保持温和上涨态势专家认为全年通胀目标有望实现货币政策保持稳健中性流动性合理充裕金融市场运行平稳投资者信心逐步恢复资本市场改革持续深化监管部门加强制度建设完善市场机制保护投资者合法权益推动经济高质量发展。国家统计局数据显示本月居民消费价格指数同比上涨市场预期稳定经济运行总体平稳物价水平保持温和上涨态势专家认为全年通胀目标有望实现货币政策保持稳健中性流动性合理充裕金融市场运行平稳投资者信心逐步恢复资本市场改革持续深化监管部门加强制度建设完善市场机制保护投资者合法权益推动经济高质量发展。
一、产业投资(5人)
国家统计局数据显示本月居民消费价格指数同比上涨市场预期稳定经济运行总体平稳物价水平保持温和上涨态势专家认为全年通胀目标有望实现货币政策保持稳健中性流动性合理充裕金融市场运行平稳投资者信心逐步恢复资本市场改革持续深化监管部门加强制度建设完善市场机制保护投资者合法权益推动经济高质量发展。国家统计局数据显示本月居民消费价格指数同比上涨市场预期稳定经济运行总体平稳物价水平保持温和上涨态势专家认为全年通胀目标有望实现货币政策保持稳健中性流动性合理充裕金融市场运行平稳投资者信心逐步恢复资本市场改革持续深化监管部门加强制度建设完善市场机制保护投资者合法权益推动经济高质量发展。国家统计局数据显示本月居民消费价格指数同比上涨市场预期稳定经济运行总体平稳物价水平保持温和上涨态势专家认为全年通胀目标有望实现货币政策保持稳健中性流动性合理充裕金融市场运行平稳投资者信心逐步恢复资本市场改革持续深化监管部门加强制度建设完善市场机制保护投资者合法权益推动经济高质量发展。国家统计局数据显示本月居民消费价格指数同比上涨市场预期稳定经济运行总体平稳物价水平保持温和上涨态势专家认为全年通胀目标有望实现货币政策保持稳健中性流动性合理充裕金融市场运行平稳投资者信心逐步恢复资本市场改革持续深化监管部门加强制度建设完善市场机制保护投资者合法权益推动经济高质量发展。国家统计局数据显示本月居民消费价格指数同比上涨市场预期稳定经济运行总体平稳物价水平保持温和上涨态势专家认为全年通胀目标有望实现货币政策保持稳健中性流动性合理充裕金融市场运行平稳投资者信心逐步恢复资本市场改革持续深化监管部门加强制度建设完善市场机制保护投资者合法权益推动经济高质量发展。国家统计局数据显示本月居民消费价格指数同比上涨市场预期稳定经济运行总体平稳物价水平保持温和上涨态势专家认为全年通胀目标有望实现货币政策保持稳健中性流动性合理充裕金融市场运行平稳投资者信心逐步恢复资本市场改革持续深化监管部门加强制度建设完善市场机制保护投资者合法权益推动经济高质量发展。
国家统计局数据显示本月居民消费价格指数同比上涨市场预期稳定经济运行总体平稳物价水平保持温和上涨态势专家认为全年通胀目标有望实现货币政策保持稳健中性流动性合理充裕金融市场运行平稳投资者信心逐步恢复资本市场改革持续深化监管部门加强制度建设完善市场机制保护投资者合法权益推动经济高质量发展。国家统计局数据显示本月居民消费价格指数同比上涨市场预期稳定经济运行总体平稳物价水平保持温和上涨态势专家认为全年通胀目标有望实现货币政策保持稳健中性流动性合理充裕金融市场运行平稳投资者信心逐步恢复资本市场改革持续深化监管部门加强制度建设完善市场机制保护投资者合法权益推动经济高质量发展。国家统计局数据显示本月居民消费价格指数同比上涨市场预期稳定经济运行总体平稳物价水平保持温和上涨态势专家认为全年通胀目标有望实现货币政策保持稳健中性流动性合理充裕金融市场运行平稳投资者信心逐步恢复资本市场改革持续深化监管部门加强制度建设完善市场机制保护投资者合法权益推动经济高质量发展。国家统计局数据显示本月居民消费价格指数同比上涨市场预期稳定经济运行总体平稳物价水平保持温和上涨态势专家认为全年通胀目标有望实现货币政策保持稳健中性流动性合理充裕金融市场运行平稳投资者信心逐步恢复资本市场改革持续深化监管部门加强制度建设完善市场机制保护投资者合法权益推动经济高质量发展。国家统计局数据显示本月居民消费价格指数同比上涨市场预期稳定经济运行总体平稳物价水平保持温和上涨态势专家认为全年通胀目标有望实现货币政策保持稳健中性流动性合理充裕金融市场运行平稳投资者信心逐步恢复资本市场改革持续深化监管部门加强制度建设完善市场机制保护投资者合法权益推动经济高质量发展。国家统计局数据显示本月居民消费价格指数同比上涨市场预期稳定经济运行总体平稳物价水平保持温和上涨态势专家认为全年通胀目标有望实现货币政策保持稳健中性流动性合理充裕金融市场运行平稳投资者信心逐步恢复资本市场改革持续深化监管部门加强制度建设完善市场机制保护投资者合法权益推动经济高质量发展。
融科技之光 创金融之捷
融捷集团 全国招聘
www.yonghe.com.cn
国家统计局数据显示本月居民消费价格指数同比上涨市场预期稳定经济运行总体平稳物价水平保持温和上涨态势专家认为全年通胀目标有望实现货币政策保持稳健中性流动性合理充裕金融市场运行平稳投资者信心逐步恢复资本市场改革持续深化监管部门加强制度建设完善市场机制保护投资者合法权益推动经济高质量发展。国家统计局数据显示本月居民消费价格指数同比上涨市场预期稳定经济运行总体平稳物价水平保持温和上涨态势专家认为全年通胀目标有望实现货币政策保持稳健中性流动性合理充裕金融市场运行平稳投资者信心逐步恢复资本市场改革持续深化监管部门加强制度建设完善市场机制保护投资者合法权益推动经济高质量发展。国家统计局数据显示本月居民消费价格指数同比上涨市场预期稳定经济运行总体平稳物价水平保持温和上涨态势专家认为全年通胀目标有望实现货币政策保持稳健中性流动性合理充裕金融市场运行平稳投资者信心逐步恢复资本市场改革持续深化监管部门加强制度建设完善市场机制保护投资者合法权益推动经济高质量发展。国家统计局数据显示本月居民消费价格指数同比上涨市场预期稳定经济运行总体平稳物价水平保持温和上涨态势专家认为全年通胀目标有望实现货币政策保持稳健中性流动性合理充裕金融市场运行平稳投资者信心逐步恢复资本市场改革持续深化监管部门加强制度建设完善市场机制保护投资者合法权益推动经济高质量发展。国家统计局数据显示本月居民消费价格指数同比上涨市场预期稳定经济运行总体平稳物价水平保持温和上涨态势专家认为全年通胀目标有望实现货币政策保持稳健中性流动性合理充裕金融市场运行平稳投资者信心逐步恢复资本市场改革持续深化监管部门加强制度建设完善市场机制保护投资者合法权益推动经济高质量发展。国家统计局数据显示本月居民消费价格指数同比上涨市场预期稳定经济运行总体平稳物价水平保持温和上涨态势专家认为全年通胀目标有望实现货币政策保持稳健中性流动性合理充裕金融市场运行平稳投资者信心逐步恢复资本市场改革持续深化监管部门加强制度建设完善市场机制保护投资者合法权益推动经济高质量发展。
国家统计局数据显示本月居民消费价格指数同比上涨市场预期稳定经济运行总体平稳物价水平保持温和上涨态势专家认为全年通胀目标有望实现货币政策保持稳健中性流动性合理充裕金融市场运行平稳投资者信心逐步恢复资本市场改革持续深化监管部门加强制度建设完善市场机制保护投资者合法权益推动经济高质量发展。国家统计局数据显示本月居民消费价格指数同比上涨市场预期稳定经济运行总体平稳物价水平保持温和上涨态势专家认为全年通胀目标有望实现货币政策保持稳健中性流动性合理充裕金融市场运行平稳投资者信心逐步恢复资本市场改革持续深化监管部门加强制度建设完善市场机制保护投资者合法权益推动经济高质量发展。国家统计局数据显示本月居民消费价格指数同比上涨市场预期稳定经济运行总体平稳物价水平保持温和上涨态势专家认为全年通胀目标有望实现货币政策保持稳健中性流动性合理充裕金融市场运行平稳投资者信心逐步恢复资本市场改革持续深化监管部门加强制度建设完善市场机制保护投资者合法权益推动经济高质量发展。国家统计局数据显示本月居民消费价格指数同比上涨市场预期稳定经济运行总体平稳物价水平保持温和上涨态势专家认为全年通胀目标有望实现货币政策保持稳健中性流动性合理充裕金融市场运行平稳投资者信心逐步恢复资本市场改革持续深化监管部门加强制度建设完善市场机制保护投资者合法权益推动经济高质量发展。国家统计局数据显示本月居民消费价格指数同比上涨市场预期稳定经济运行总体平稳物价水平保持温和上涨态势专家认为全年通胀目标有望实现货币政策保持稳健中性流动性合理充裕金融市场运行平稳投资者信心逐步恢复资本市场改革持续深化监管部门加强制度建设完善市场机制保护投资者合法权益推动经济高质量发展。国家统计局数据显示本月居民消费价格指数同比上涨市场预期稳定经济运行总体平稳物价水平保持温和上涨态势专家认为全年通胀目标有望实现货币政策保持稳健中性流动性合理充裕金融市场运行平稳投资者信心逐步恢复资本市场改革持续深化监管部门加强制度建设完善市场机制保护投资者合法权益推动经济高质量发展。
国家统计局数据显示本月居民消费价格指数同比上涨市场预期稳定经济运行总体平稳物价水平保持温和上涨态势专家认为全年通胀目标有望实现货币政策保持稳健中性流动性合理充裕金融市场运行平稳投资者信心逐步恢复资本市场改革持续深化监管部门加强制度建设完善市场机制保护投资者合法权益推动经济高质量发展。国家统计局数据显示本月居民消费价格指数同比上涨市场预期稳定经济运行总体平稳物价水平保持温和上涨态势专家认为全年通胀目标有望实现货币政策保持稳健中性流动性合理充裕金融市场运行平稳投资者信心逐步恢复资本市场改革持续深化监管部门加强制度建设完善市场机制保护投资者合法权益推动经济高质量发展。国家统计局数据显示本月居民消费价格指数同比上涨市场预期稳定经济运行总体平稳物价水平保持温和上涨态势专家认为全年通胀目标有望实现货币政策保持稳健中性流动性合理充裕金融市场运行平稳投资者信心逐步恢复资本市场改革持续深化监管部门加强制度建设完善市场机制保护投资者合法权益推动经济高质量发展。国家统计局数据显示本月居民消费价格指数同比上涨市场预期稳定经济运行总体平稳物价水平保持温和上涨态势专家认为全年通胀目标有望实现货币政策保持稳健中性流动性合理充裕金融市场运行平稳投资者信心逐步恢复资本市场改革持续深化监管部门加强制度建设完善市场机制保护投资者合法权益推动经济高质量发展。国家统计局数据显示本月居民消费价格指数同比上涨市场预期稳定经济运行总体平稳物价水平保持温和上涨态势专家认为全年通胀目标有望实现货币政策保持稳健中性流动性合理充裕金融市场运行平稳投资者信心逐步恢复资本市场改革持续深化监管部门加强制度建设完善市场机制保护投资者合法权益推动经济高质量发展。国家统计局数据显示本月居民消费价格指数同比上涨市场预期稳定经济运行总体平稳物价水平保持温和上涨态势专家认为全年通胀目标有望实现货币政策保持稳健中性流动性合理充裕金融市场运行平稳投资者信心逐步恢复资本市场改革持续深化监管部门加强制度建设完善市场机制保护投资者合法权益推动经济高质量发展。
国家统计局数据显示本月居民消费价格指数同比上涨市场预期稳定经济运行总体平稳物价水平保持温和上涨态势专家认为全年通胀目标有望实现货币政策保持稳健中性流动性合理充裕金融市场运行平稳投资者信心逐步恢复资本市场改革持续深化监管部门加强制度建设完善市场机制保护投资者合法权益推动经济高质量发展。国家统计局数据显示本月居民消费价格指数同比上涨市场预期稳定经济运行总体平稳物价水平保持温和上涨态势专家认为全年通胀目标有望实现货币政策保持稳健中性流动性合理充裕金融市场运行平稳投资者信心逐步恢复资本市场改革持续深化监管部门加强制度建设完善市场机制保护投资者合法权益推动经济高质量发展。国家统计局数据显示本月居民消费价格指数同比上涨市场预期稳定经济运行总体平稳物价水平保持温和上涨态势专家认为全年通胀目标有望实现货币政策保持稳健中性流动性合理充裕金融市场运行平稳投资者信心逐步恢复资本市场改革持续深化监管部门加强制度建设完善市场机制保护投资者合法权益推动经济高质量发展。国家统计局数据显示本月居民消费价格指数同比上涨市场预期稳定经济运行总体平稳物价水平保持温和上涨态势专家认为全年通胀目标有望实现货币政策保持稳健中性流动性合理充裕金融市场运行平稳投资者信心逐步恢复资本市场改革持续深化监管部门加强制度建设完善市场机制保护投资者合法权益推动经济高质量发展。国家统计局数据显示本月居民消费价格指数同比上涨市场预期稳定经济运行总体平稳物价水平保持温和上涨态势专家认为全年通胀目标有望实现货币政策保持稳健中性流动性合理充裕金融市场运行平稳投资者信心逐步恢复资本市场改革持续深化监管部门加强制度建设完善市场机制保护投资者合法权益推动经济高质量发展。国家统计局数据显示本月居民消费价格指数同比上涨市场预期稳定经济运行总体平稳物价水平保持温和上涨态势专家认为全年通胀目标有望实现货币政策保持稳健中性流动性合理充裕金融市场运行平稳投资者信心逐步恢复资本市场改革持续深化监管部门加强制度建设完善市场机制保护投资者合法权益推动经济高质量发展。
国家统计局数据显示本月居民消费价格指数同比上涨市场预期稳定经济运行总体平稳物价水平保持温和上涨态势专家认为全年通胀目标有望实现货币政策保持稳健中性流动性合理充裕金融市场运行平稳投资者信心逐步恢复资本市场改革持续深化监管部门加强制度建设完善市场机制保护投资者合法权益推动经济高质量发展。国家统计局数据显示本月居民消费价格指数同比上涨市场预期稳定经济运行总体平稳物价水平保持温和上涨态势专家认为全年通胀目标有望实现货币政策保持稳健中性流动性合理充裕金融市场运行平稳投资者信心逐步恢复资本市场改革持续深化监管部门加强制度建设完善市场机制保护投资者合法权益推动经济高质量发展。国家统计局数据显示本月居民消费价格指数同比上涨市场预期稳定经济运行总体平稳物价水平保持温和上涨态势专家认为全年通胀目标有望实现货币政策保持稳健中性流动性合理充裕金融市场运行平稳投资者信心逐步恢复资本市场改革持续深化监管部门加强制度建设完善市场机制保护投资者合法权益推动经济高质量发展。国家统计局数据显示本月居民消费价格指数同比上涨市场预期稳定经济运行总体平稳物价水平保持温和上涨态势专家认为全年通胀目标有望实现货币政策保持稳健中性流动性合理充裕金融市场运行平稳投资者信心逐步恢复资本市场改革持续深化监管部门加强制度建设完善市场机制保护投资者合法权益推动经济高质量发展。国家统计局数据显示本月居民消费价格指数同比上涨市场预期稳定经济运行总体平稳物价水平保持温和上涨态势专家认为全年通胀目标有望实现货币政策保持稳健中性流动性合理充裕金融市场运行平稳投资者信心逐步恢复资本市场改革持续深化监管部门加强制度建设完善市场机制保护投资者合法权益推动经济高质量发展。国家统计局数据显示本月居民消费价格指数同比上涨市场预期稳定经济运行总体平稳物价水平保持温和上涨态势专家认为全年通胀目标有望实现货币政策保持稳健中性流动性合理充裕金融市场运行平稳投资者信心逐步恢复资本市场改革持续深化监管部门加强制度建设完善市场机制保护投资者合法权益推动经济高质量发展。
二、投资部门经理
国家统计局数据显示本月居民消费价格指数同比上涨市场预期稳定经济运行总体平稳物价水平保持温和上涨态势专家认为全年通胀目标有望实现货币政策保持稳健中性流动性合理充裕金融市场运行平稳投资者信心逐步恢复资本市场改革持续深化监管部门加强制度建设完善市场机制保护投资者合法权益推动经济高质量发展。国家统计局数据显示本月居民消费价格指数同比上涨市场预期稳定经济运行总体平稳物价水平保持温和上涨态势专家认为全年通胀目标有望实现货币政策保持稳健中性流动性合理充裕金融市场运行平稳投资者信心逐步恢复资本市场改革持续深化监管部门加强制度建设完善市场机制保护投资者合法权益推动经济高质量发展。国家统计局数据显示本月居民消费价格指数同比上涨市场预期稳定经济运行总体平稳物价水平保持温和上涨态势专家认为全年通胀目标有望实现货币政策保持稳健中性流动性合理充裕金融市场运行平稳投资者信心逐步恢复资本市场改革持续深化监管部门加强制度建设完善市场机制保护投资者合法权益推动经济高质量发展。国家统计局数据显示本月居民消费价格指数同比上涨市场预期稳定经济运行总体平稳物价水平保持温和上涨态势专家认为全年通胀目标有望实现货币政策保持稳健中性流动性合理充裕金融市场运行平稳投资者信心逐步恢复资本市场改革持续深化监管部门加强制度建设完善市场机制保护投资者合法权益推动经济高质量发展。国家统计局数据显示本月居民消费价格指数同比上涨市场预期稳定经济运行总体平稳物价水平保持温和上涨态势专家认为全年通胀目标有望实现货币政策保持稳健中性流动性合理充裕金融市场运行平稳投资者信心逐步恢复资本市场改革持续深化监管部门加强制度建设完善市场机制保护投资者合法权益推动经济高质量发展。国家统计局数据显示本月居民消费价格指数同比上涨市场预期稳定经济运行总体平稳物价水平保持温和上涨态势专家认为全年通胀目标有望实现货币政策保持稳健中性流动性合理充裕金融市场运行平稳投资者信心逐步恢复资本市场改革持续深化监管部门加强制度建设完善市场机制保护投资者合法权益推动经济高质量发展。
国家统计局数据显示本月居民消费价格指数同比上涨市场预期稳定经济运行总体平稳物价水平保持温和上涨态势专家认为全年通胀目标有望实现货币政策保持稳健中性流动性合理充裕金融市场运行平稳投资者信心逐步恢复资本市场改革持续深化监管部门加强制度建设完善市场机制保护投资者合法权益推动经济高质量发展。国家统计局数据显示本月居民消费价格指数同比上涨市场预期稳定经济运行总体平稳物价水平保持温和上涨态势专家认为全年通胀目标有望实现货币政策保持稳健中性流动性合理充裕金融市场运行平稳投资者信心逐步恢复资本市场改革持续深化监管部门加强制度建设完善市场机制保护投资者合法权益推动经济高质量发展。国家统计局数据显示本月居民消费价格指数同比上涨市场预期稳定经济运行总体平稳物价水平保持温和上涨态势专家认为全年通胀目标有望实现货币政策保持稳健中性流动性合理充裕金融市场运行平稳投资者信心逐步恢复资本市场改革持续深化监管部门加强制度建设完善市场机制保护投资者合法权益推动经济高质量发展。国家统计局数据显示本月居民消费价格指数同比上涨市场预期稳定经济运行总体平稳物价水平保持温和上涨态势专家认为全年通胀目标有望实现货币政策保持稳健中性流动性合理充裕金融市场运行平稳投资者信心逐步恢复资本市场改革持续深化监管部门加强制度建设完善市场机制保护投资者合法权益推动经济高质量发展。国家统计局数据显示本月居民消费价格指数同比上涨市场预期稳定经济运行总体平稳物价水平保持温和上涨态势专家认为全年通胀目标有望实现货币政策保持稳健中性流动性合理充裕金融市场运行平稳投资者信心逐步恢复资本市场改革持续深化监管部门加强制度建设完善市场机制保护投资者合法权益推动经济高质量发展。国家统计局数据显示本月居民消费价格指数同比上涨市场预期稳定经济运行总体平稳物价水平保持温和上涨态势专家认为全年通胀目标有望实现货币政策保持稳健中性流动性合理充裕金融市场运行平稳投资者信心逐步恢复资本市场改革持续深化监管部门加强制度建设完善市场机制保护投资者合法权益推动经济高质量发展。
